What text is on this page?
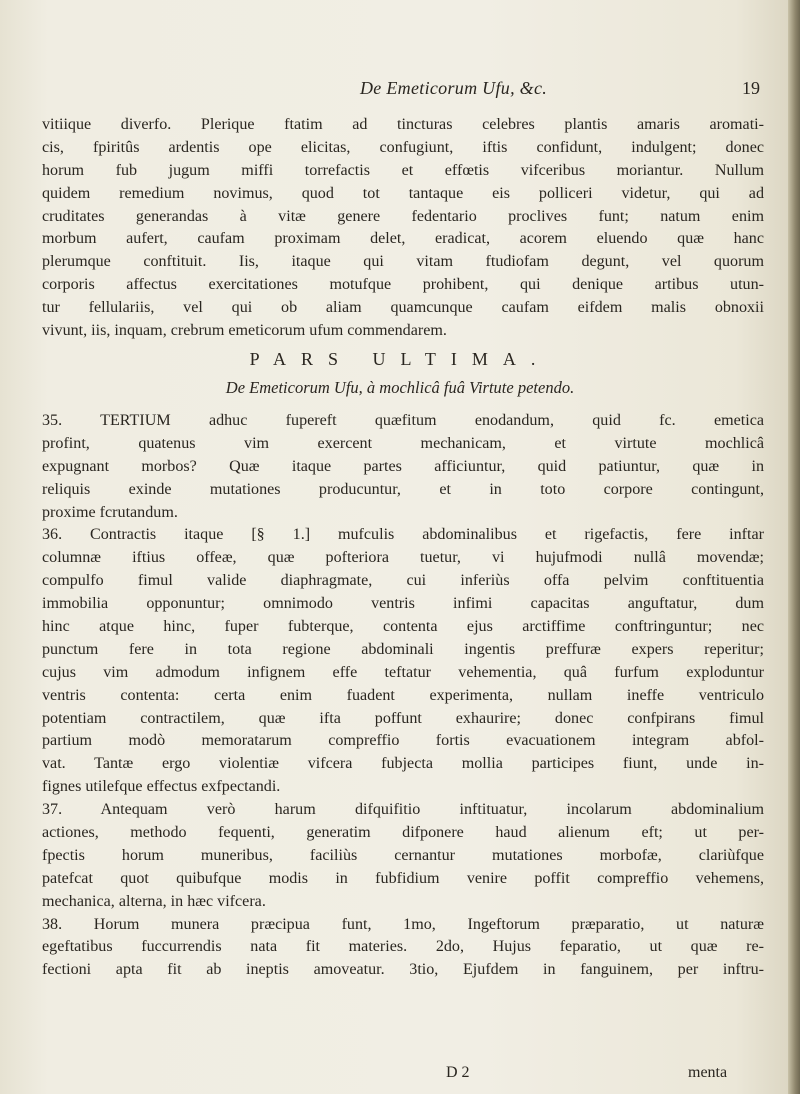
De Emeticorum Ufu, &c.	19
vitiique diverfo. Plerique ftatim ad tincturas celebres plantis amaris aromati-
cis, fpiritûs ardentis ope elicitas, confugiunt, iftis confidunt, indulgent; donec
horum fub jugum miffi torrefactis et effœtis vifceribus moriantur. Nullum
quidem remedium novimus, quod tot tantaque eis polliceri videtur, qui ad
cruditates generandas à vitæ genere fedentario proclives funt; natum enim
morbum aufert, caufam proximam delet, eradicat, acorem eluendo quæ hanc
plerumque conftituit. Iis, itaque qui vitam ftudiofam degunt, vel quorum
corporis affectus exercitationes motufque prohibent, qui denique artibus utun-
tur fellulariis, vel qui ob aliam quamcunque caufam eifdem malis obnoxii
vivunt, iis, inquam, crebrum emeticorum ufum commendarem.
PARS ULTIMA.
De Emeticorum Ufu, à mochlicâ fuâ Virtute petendo.
35. TERTIUM adhuc fupereft quæfitum enodandum, quid fc. emetica
profint, quatenus vim exercent mechanicam, et virtute mochlicâ
expugnant morbos? Quæ itaque partes afficiuntur, quid patiuntur, quæ in
reliquis exinde mutationes producuntur, et in toto corpore contingunt,
proxime fcrutandum.
36. Contractis itaque [§ 1.] mufculis abdominalibus et rigefactis, fere inftar
columnæ iftius offeæ, quæ pofteriora tuetur, vi hujufmodi nullâ movendæ;
compulfo fimul valide diaphragmate, cui inferiùs offa pelvim conftituentia
immobilia opponuntur; omnimodo ventris infimi capacitas anguftatur, dum
hinc atque hinc, fuper fubterque, contenta ejus arctiffime conftringuntur; nec
punctum fere in tota regione abdominali ingentis preffuræ expers reperitur;
cujus vim admodum infignem effe teftatur vehementia, quâ furfum exploduntur
ventris contenta: certa enim fuadent experimenta, nullam ineffe ventriculo
potentiam contractilem, quæ ifta poffunt exhaurire; donec confpirans fimul
partium modò memoratarum compreffio fortis evacuationem integram abfol-
vat. Tantæ ergo violentiæ vifcera fubjecta mollia participes fiunt, unde in-
fignes utilefque effectus exfpectandi.
37. Antequam verò harum difquifitio inftituatur, incolarum abdominalium
actiones, methodo fequenti, generatim difponere haud alienum eft; ut per-
fpectis horum muneribus, faciliùs cernantur mutationes morbofæ, clariùfque
patefcat quot quibufque modis in fubfidium venire poffit compreffio vehemens,
mechanica, alterna, in hæc vifcera.
38. Horum munera præcipua funt, 1mo, Ingeftorum præparatio, ut naturæ
egeftatibus fuccurrendis nata fit materies. 2do, Hujus feparatio, ut quæ re-
fectioni apta fit ab ineptis amoveatur. 3tio, Ejufdem in fanguinem, per inftru-
D 2	menta
